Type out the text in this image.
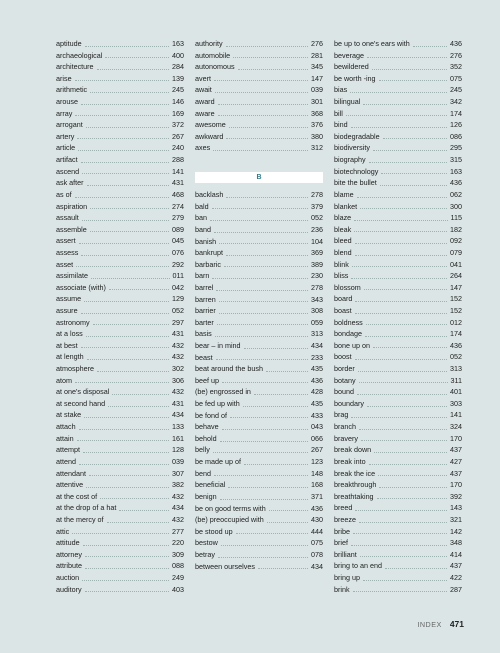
aptitude	163
archaeological	400
architecture	284
arise	139
arithmetic	245
arouse	146
array	169
arrogant	372
artery	267
article	240
artifact	288
ascend	141
ask after	431
as of	468
aspiration	274
assault	279
assemble	089
assert	045
assess	076
asset	292
assimilate	011
associate (with)	042
assume	129
assure	052
astronomy	297
at a loss	431
at best	432
at length	432
atmosphere	302
atom	306
at one's disposal	432
at second hand	431
at stake	434
attach	133
attain	161
attempt	128
attend	039
attendant	307
attentive	382
at the cost of	432
at the drop of a hat	434
at the mercy of	432
attic	277
attitude	220
attorney	309
attribute	088
auction	249
auditory	403
authority	276
automobile	281
autonomous	345
avert	147
await	039
award	301
aware	368
awesome	376
awkward	380
axes	312
B
backlash	278
bald	379
ban	052
band	236
banish	104
bankrupt	369
barbaric	389
barn	230
barrel	278
barren	343
barrier	308
barter	059
basis	313
bear – in mind	434
beast	233
beat around the bush	435
beef up	436
(be) engrossed in	428
be fed up with	435
be fond of	433
behave	043
behold	066
belly	267
be made up of	123
bend	148
beneficial	168
benign	371
be on good terms with	436
(be) preoccupied with	430
be stood up	444
bestow	075
betray	078
between ourselves	434
be up to one's ears with	436
beverage	276
bewildered	352
be worth -ing	075
bias	245
bilingual	342
bill	174
bind	126
biodegradable	086
biodiversity	295
biography	315
biotechnology	163
bite the bullet	436
blame	062
blanket	300
blaze	115
bleak	182
bleed	092
blend	079
blink	041
bliss	264
blossom	147
board	152
boast	152
boldness	012
bondage	174
bone up on	436
boost	052
border	313
botany	311
bound	401
boundary	303
brag	141
branch	324
bravery	170
break down	437
break into	427
break the ice	437
breakthrough	170
breathtaking	392
breed	143
breeze	321
bribe	142
brief	348
brilliant	414
bring to an end	437
bring up	422
brink	287
INDEX 471
